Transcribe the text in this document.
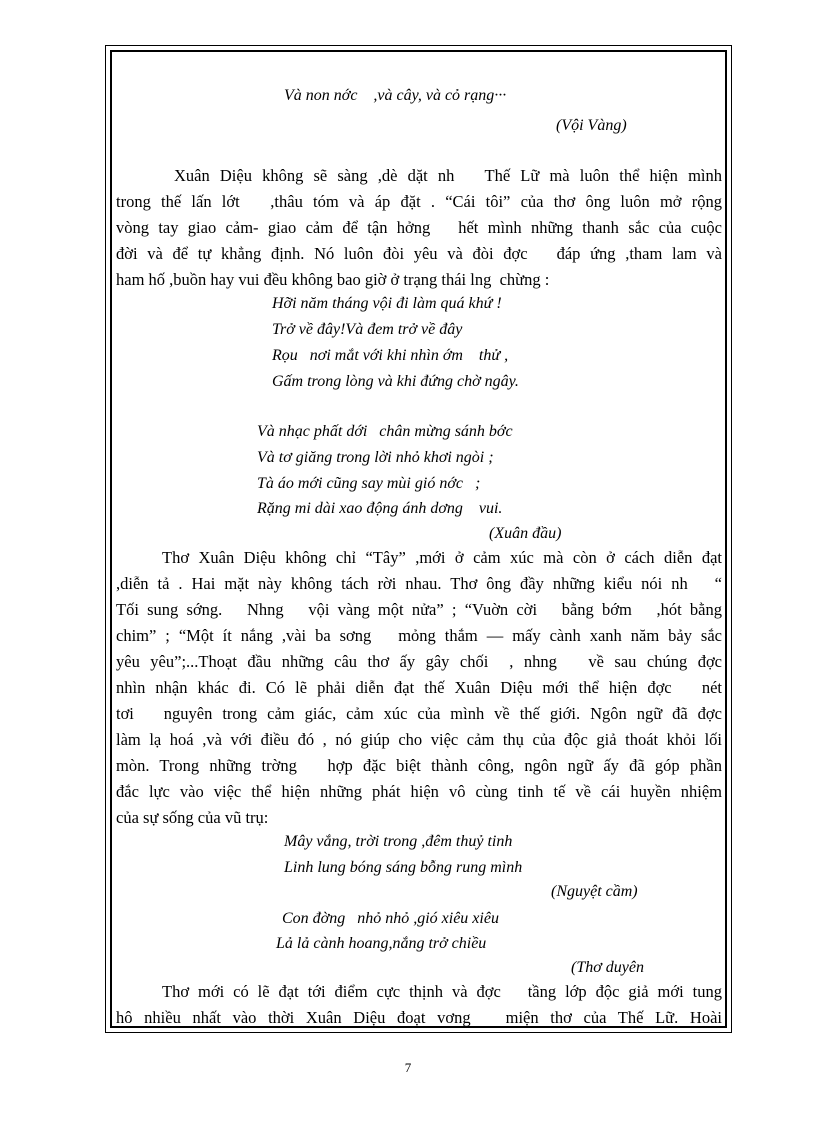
Và non nớc    ,và cây, và cỏ rạng···
(Vội Vàng)
Xuân Diệu không sẽ sàng ,dè dặt nh   Thế Lữ mà luôn thể hiện mình
trong thế lấn lớt   ,thâu tóm và áp đặt . “Cái tôi” của thơ ông luôn mở rộng
vòng tay giao cảm- giao cảm để tận hởng   hết mình những thanh sắc của cuộc
đời và để tự khẳng định. Nó luôn đòi yêu và đòi đợc   đáp ứng ,tham lam và
ham hố ,buồn hay vui đều không bao giờ ở trạng thái lng  chừng :
Hỡi năm tháng vội đi làm quá khứ !
Trở về đây!Và đem trở về đây
Rọu   nơi mắt với khi nhìn ớm    thử ,
Gấm trong lòng và khi đứng chờ ngây.
Và nhạc phất dới   chân mừng sánh bớc
Và tơ giăng trong lời nhỏ khơi ngòi ;
Tà áo mới cũng say mùi gió nớc   ;
Rặng mi dài xao động ánh dơng    vui.
(Xuân đầu)
Thơ Xuân Diệu không chỉ “Tây” ,mới ở cảm xúc mà còn ở cách diễn đạt
,diễn tả . Hai mặt này không tách rời nhau. Thơ ông đầy những kiểu nói nh   “
Tối sung sớng.   Nhng   vội vàng một nửa” ; “Vuờn cời   bằng bớm   ,hót bằng
chim” ; “Một ít nắng ,vài ba sơng   mỏng thắm — mấy cành xanh năm bảy sắc
yêu yêu”;...Thoạt đầu những câu thơ ấy gây chối  , nhng   về sau chúng đợc
nhìn nhận khác đi. Có lẽ phải diễn đạt thế Xuân Diệu mới thể hiện đợc   nét
tơi   nguyên trong cảm giác, cảm xúc của mình về thế giới. Ngôn ngữ đã đợc
làm lạ hoá ,và với điều đó , nó giúp cho việc cảm thụ của độc giả thoát khỏi lối
mòn. Trong những trờng   hợp đặc biệt thành công, ngôn ngữ ấy đã góp phần
đắc lực vào việc thể hiện những phát hiện vô cùng tinh tế về cái huyền nhiệm
của sự sống của vũ trụ:
Mây vắng, trời trong ,đêm thuỷ tinh
Linh lung bóng sáng bỗng rung mình
(Nguyệt cầm)
Con đờng   nhỏ nhỏ ,gió xiêu xiêu
Lả lả cành hoang,nắng trở chiều
(Thơ duyên
Thơ mới có lẽ đạt tới điểm cực thịnh và đợc   tầng lớp độc giả mới tung
hô nhiều nhất vào thời Xuân Diệu đoạt vơng   miện thơ của Thế Lữ. Hoài
7
